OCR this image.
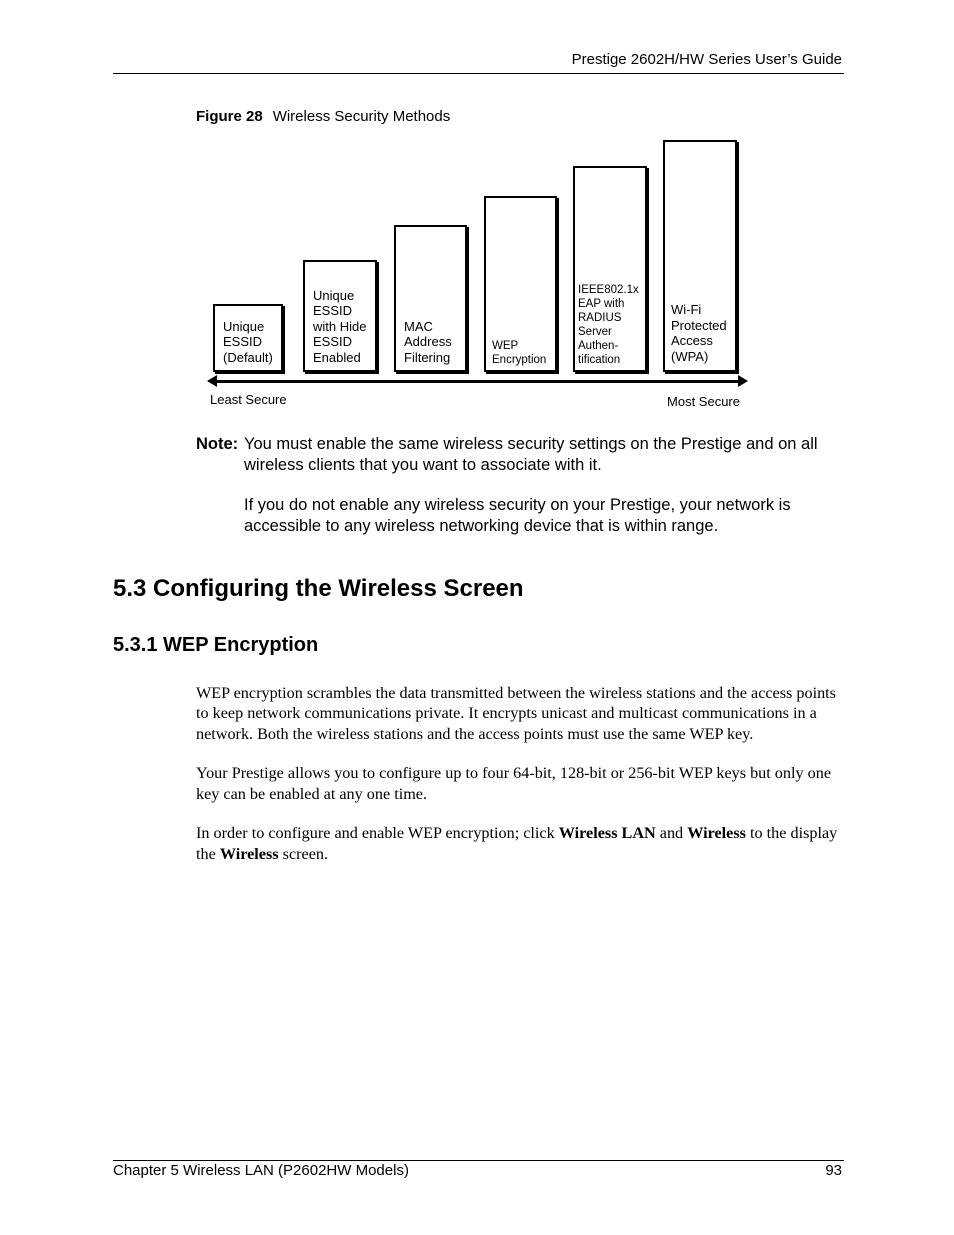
Prestige 2602H/HW Series User’s Guide
Figure 28 Wireless Security Methods
Unique
ESSID
(Default)
Unique
ESSID
with Hide
ESSID
Enabled
MAC
Address
Filtering
WEP
Encryption
IEEE802.1x
EAP with
RADIUS
Server
Authen-
tification
Wi-Fi
Protected
Access
(WPA)
Least Secure	Most Secure
Note: You must enable the same wireless security settings on the Prestige and on all wireless clients that you want to associate with it.

If you do not enable any wireless security on your Prestige, your network is accessible to any wireless networking device that is within range.

5.3 Configuring the Wireless Screen
5.3.1 WEP Encryption

WEP encryption scrambles the data transmitted between the wireless stations and the access points to keep network communications private. It encrypts unicast and multicast communications in a network. Both the wireless stations and the access points must use the same WEP key.

Your Prestige allows you to configure up to four 64-bit, 128-bit or 256-bit WEP keys but only one key can be enabled at any one time.

In order to configure and enable WEP encryption; click Wireless LAN and Wireless to the display the Wireless screen.

Chapter 5 Wireless LAN (P2602HW Models)	93
